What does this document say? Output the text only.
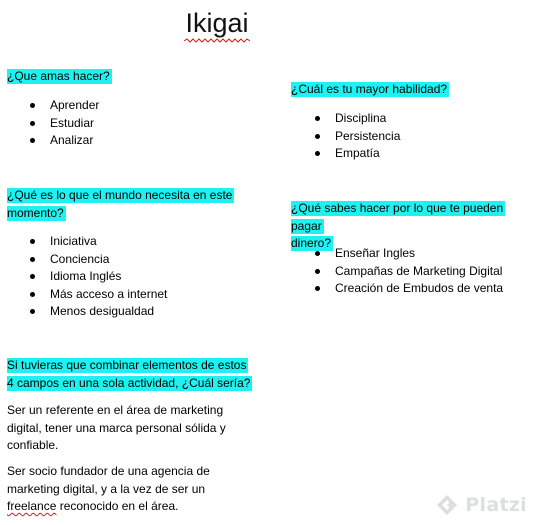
Ikigai
¿Que amas hacer?
Aprender
Estudiar
Analizar
¿Cuál es tu mayor habilidad?
Disciplina
Persistencia
Empatía
¿Qué es lo que el mundo necesita en este
momento?
Iniciativa
Conciencia
Idioma Inglés
Más acceso a internet
Menos desigualdad
¿Qué sabes hacer por lo que te pueden pagar
dinero?
Enseñar Ingles
Campañas de Marketing Digital
Creación de Embudos de venta
Si tuvieras que combinar elementos de estos
4 campos en una sola actividad, ¿Cuál sería?

Ser un referente en el área de marketing digital, tener una marca personal sólida y confiable.

Ser socio fundador de una agencia de marketing digital, y a la vez de ser un freelance reconocido en el área.	Platzi
